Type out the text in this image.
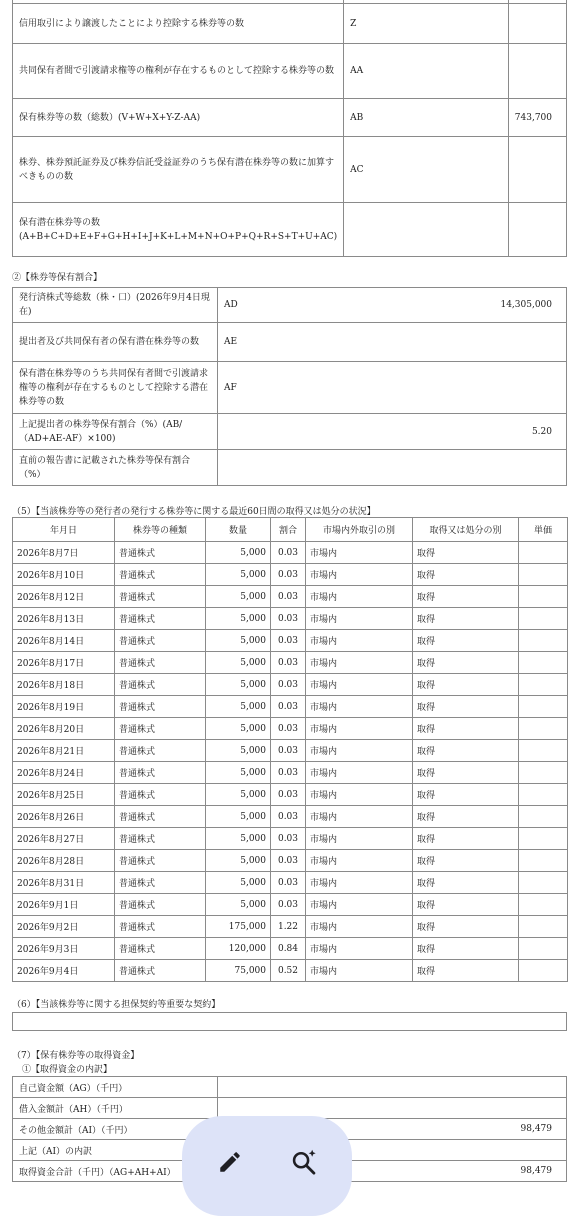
信用取引により譲渡したことにより控除する株券等の数	Z	
共同保有者間で引渡請求権等の権利が存在するものとして控除する株券等の数	AA	
保有株券等の数（総数）(V+W+X+Y-Z-AA)	AB	743,700
株券、株券預託証券及び株券信託受益証券のうち保有潜在株券等の数に加算すべきものの数	AC	
保有潜在株券等の数(A+B+C+D+E+F+G+H+I+J+K+L+M+N+O+P+Q+R+S+T+U+AC)		
②【株券等保有割合】
発行済株式等総数（株・口）(2026年9月4日現在)	AD	14,305,000
提出者及び共同保有者の保有潜在株券等の数	AE	
保有潜在株券等のうち共同保有者間で引渡請求権等の権利が存在するものとして控除する潜在株券等の数	AF	
上記提出者の株券等保有割合（%）(AB/（AD+AE-AF）×100)		5.20
直前の報告書に記載された株券等保有割合（%）		
（5）【当該株券等の発行者の発行する株券等に関する最近60日間の取得又は処分の状況】
年月日	株券等の種類	数量	割合	市場内外取引の別	取得又は処分の別	単価
2026年8月7日	普通株式	5,000	0.03	市場内	取得	
2026年8月10日	普通株式	5,000	0.03	市場内	取得	
2026年8月12日	普通株式	5,000	0.03	市場内	取得	
2026年8月13日	普通株式	5,000	0.03	市場内	取得	
2026年8月14日	普通株式	5,000	0.03	市場内	取得	
2026年8月17日	普通株式	5,000	0.03	市場内	取得	
2026年8月18日	普通株式	5,000	0.03	市場内	取得	
2026年8月19日	普通株式	5,000	0.03	市場内	取得	
2026年8月20日	普通株式	5,000	0.03	市場内	取得	
2026年8月21日	普通株式	5,000	0.03	市場内	取得	
2026年8月24日	普通株式	5,000	0.03	市場内	取得	
2026年8月25日	普通株式	5,000	0.03	市場内	取得	
2026年8月26日	普通株式	5,000	0.03	市場内	取得	
2026年8月27日	普通株式	5,000	0.03	市場内	取得	
2026年8月28日	普通株式	5,000	0.03	市場内	取得	
2026年8月31日	普通株式	5,000	0.03	市場内	取得	
2026年9月1日	普通株式	5,000	0.03	市場内	取得	
2026年9月2日	普通株式	175,000	1.22	市場内	取得	
2026年9月3日	普通株式	120,000	0.84	市場内	取得	
2026年9月4日	普通株式	75,000	0.52	市場内	取得	
（6）【当該株券等に関する担保契約等重要な契約】
（7）【保有株券等の取得資金】
①【取得資金の内訳】
自己資金額（AG）（千円）	
借入金額計（AH）（千円）	
その他金額計（AI）（千円）	98,479
上記（AI）の内訳	
取得資金合計（千円）（AG+AH+AI）	98,479
